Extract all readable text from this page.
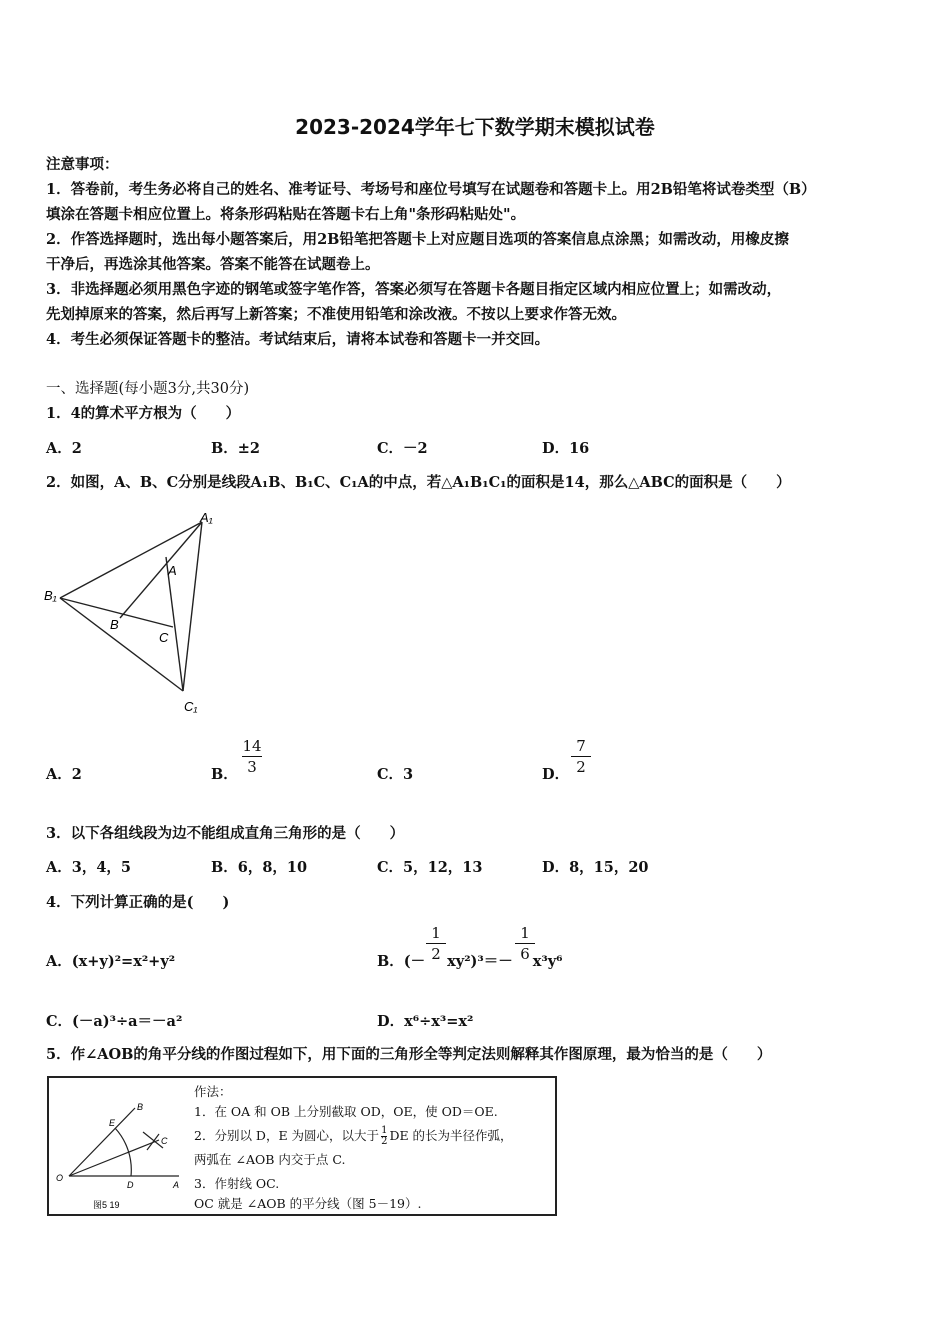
2023-2024学年七下数学期末模拟试卷
注意事项：
1．答卷前，考生务必将自己的姓名、准考证号、考场号和座位号填写在试题卷和答题卡上。用2B铅笔将试卷类型（B）
填涂在答题卡相应位置上。将条形码粘贴在答题卡右上角"条形码粘贴处"。
2．作答选择题时，选出每小题答案后，用2B铅笔把答题卡上对应题目选项的答案信息点涂黑；如需改动，用橡皮擦
干净后，再选涂其他答案。答案不能答在试题卷上。
3．非选择题必须用黑色字迹的钢笔或签字笔作答，答案必须写在答题卡各题目指定区域内相应位置上；如需改动，
先划掉原来的答案，然后再写上新答案；不准使用铅笔和涂改液。不按以上要求作答无效。
4．考生必须保证答题卡的整洁。考试结束后，请将本试卷和答题卡一并交回。
一、选择题(每小题3分,共30分)
1．4的算术平方根为（　　）
A．2	B．±2	C．－2	D．16
2．如图，A、B、C分别是线段A₁B、B₁C、C₁A的中点，若△A₁B₁C₁的面积是14，那么△ABC的面积是（　　）
A₁
B₁
C₁
A
B
C
A．2	B．
14
3	C．3	D．
7
2
3．以下各组线段为边不能组成直角三角形的是（　　）
A．3，4，5	B．6，8，10	C．5，12，13	D．8，15，20
4．下列计算正确的是(　　)
A．(x+y)²=x²+y²	B．(－ xy²)³＝－ x³y⁶
1
2
1
6
C．(－a)³÷a＝－a²	D．x⁶÷x³=x²
5．作∠AOB的角平分线的作图过程如下，用下面的三角形全等判定法则解释其作图原理，最为恰当的是（　　）
O
A
B
C
D
E
图5 19
作法：
1．在 OA 和 OB 上分别截取 OD，OE，使 OD＝OE.
2．分别以 D，E 为圆心，以大于 $\frac{1}{2}$ DE 的长为半径作弧，
两弧在 ∠AOB 内交于点 C.
3．作射线 OC.
OC 就是 ∠AOB 的平分线（图 5－19）.
